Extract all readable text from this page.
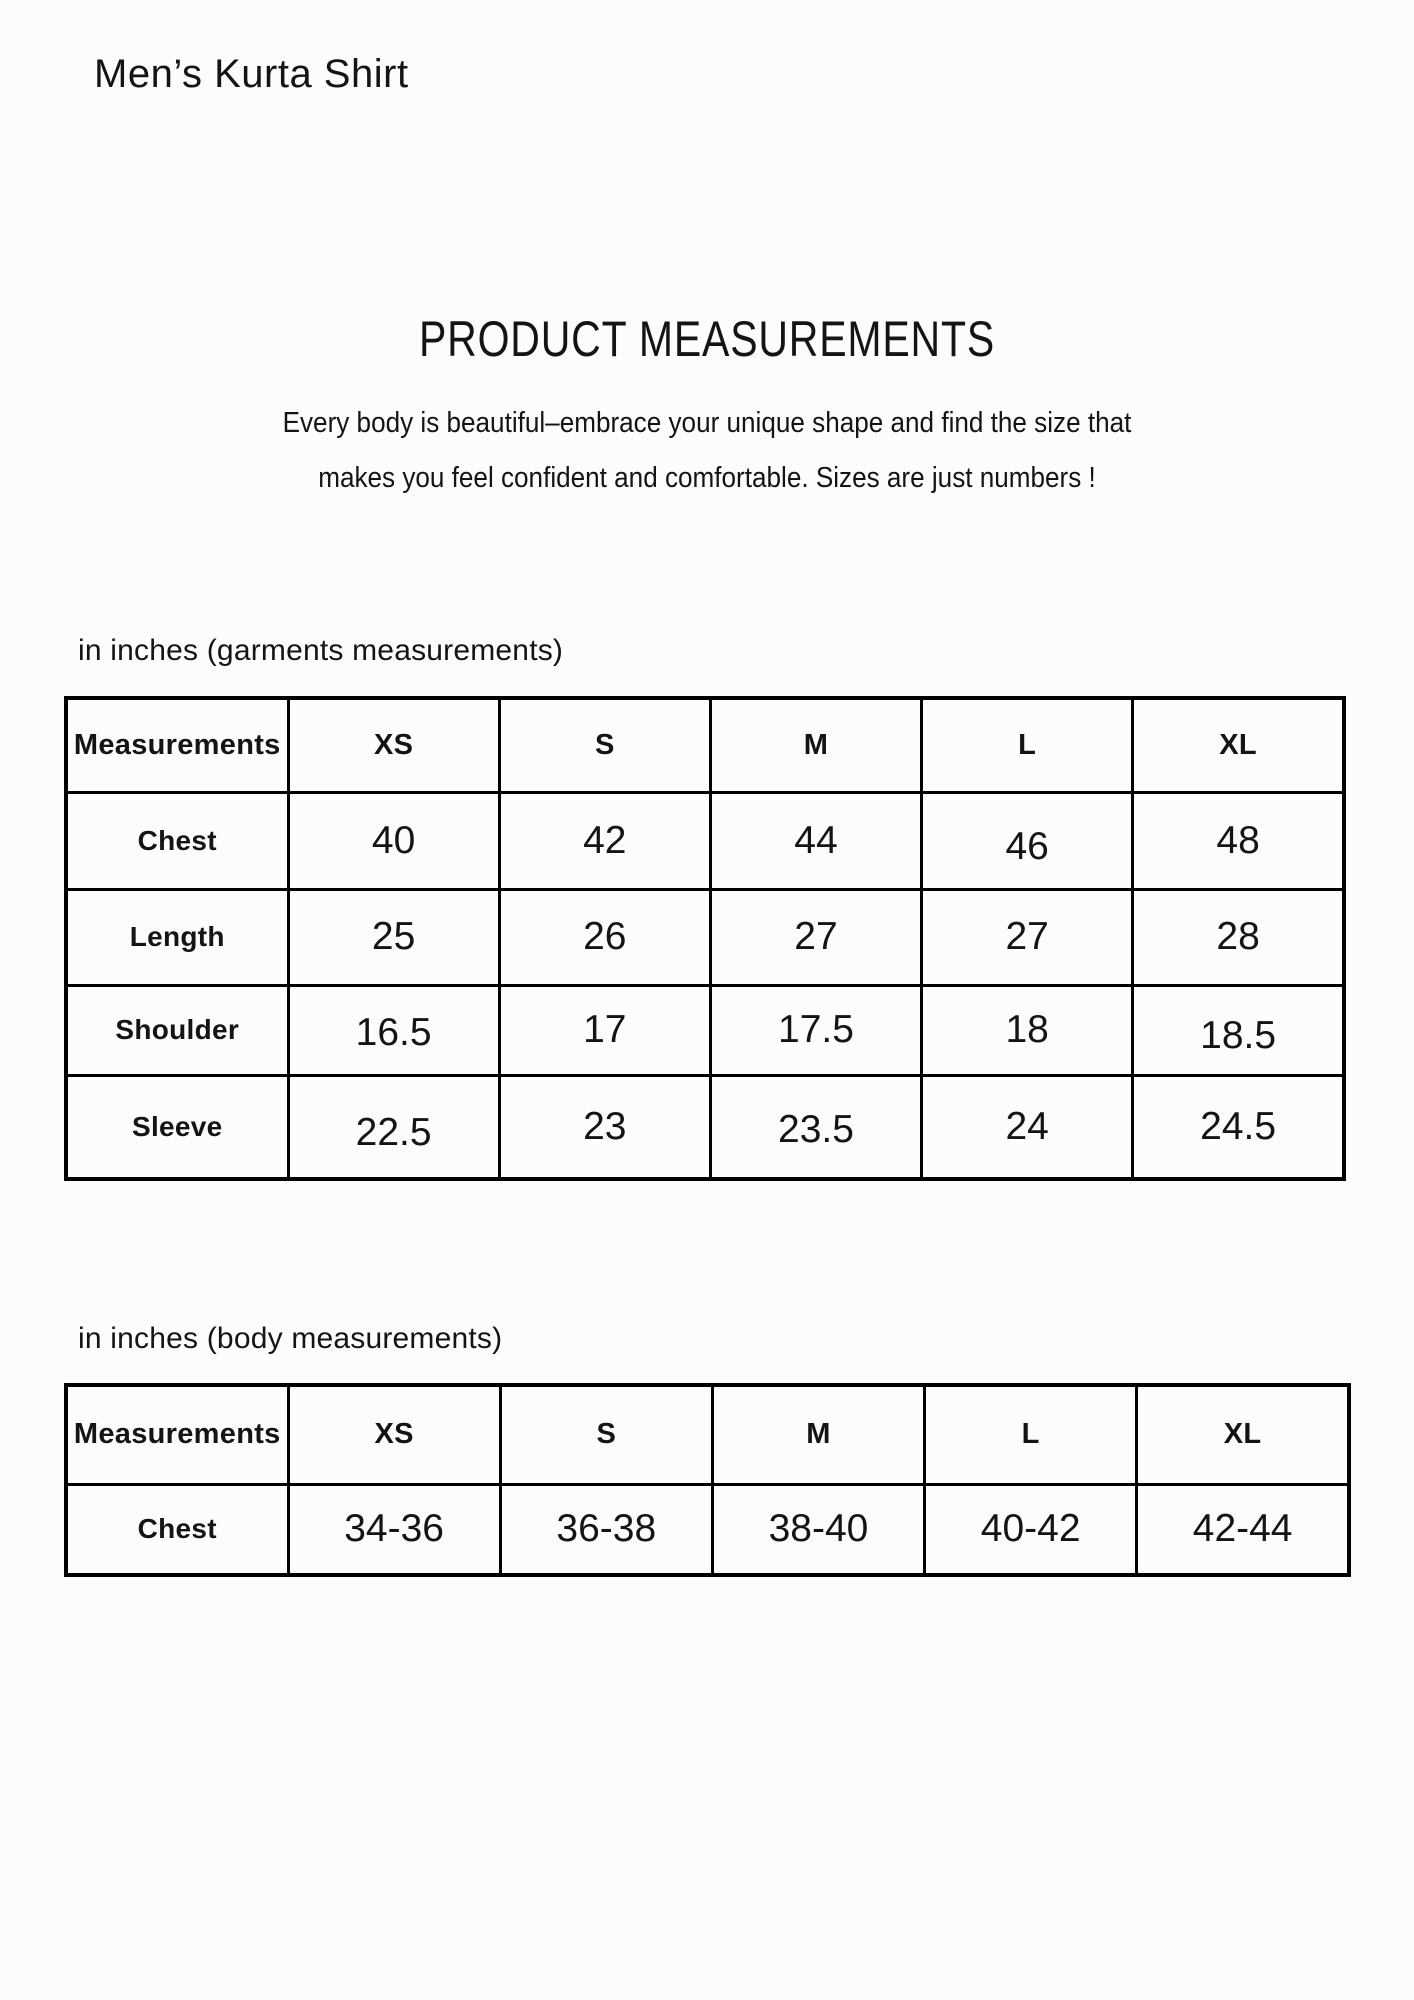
Men’s Kurta Shirt
PRODUCT MEASUREMENTS
Every body is beautiful–embrace your unique shape and find the size that
makes you feel confident and comfortable. Sizes are just numbers !
in inches (garments measurements)
Measurements	XS	S	M	L	XL
Chest	40	42	44	46	48
Length	25	26	27	27	28
Shoulder	16.5	17	17.5	18	18.5
Sleeve	22.5	23	23.5	24	24.5
in inches (body measurements)
Measurements	XS	S	M	L	XL
Chest	34-36	36-38	38-40	40-42	42-44
